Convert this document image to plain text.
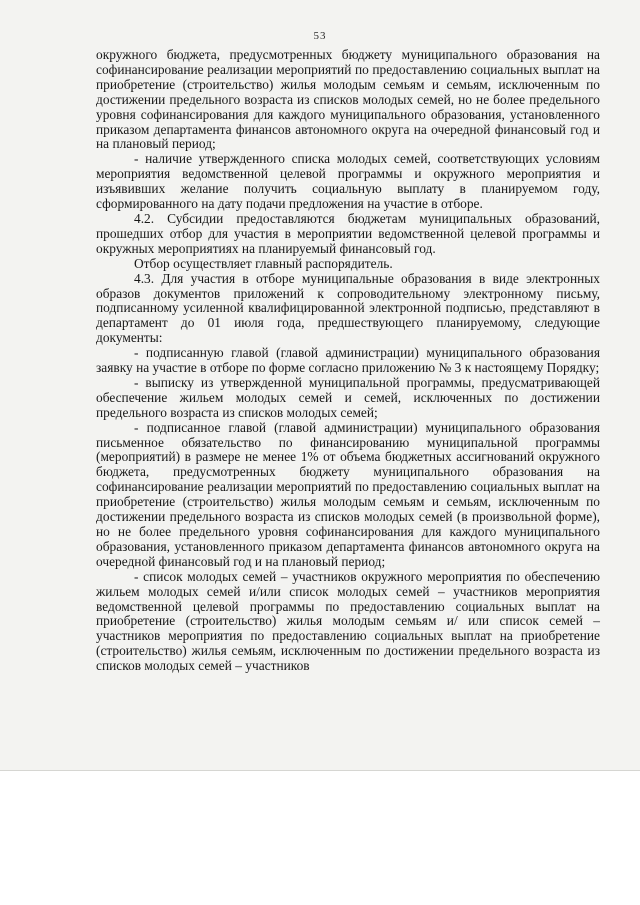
53

окружного бюджета, предусмотренных бюджету муниципального образования на софинансирование реализации мероприятий по предоставлению социальных выплат на приобретение (строительство) жилья молодым семьям и семьям, исключенным по достижении предельного возраста из списков молодых семей, но не более предельного уровня софинансирования для каждого муниципального образования, установленного приказом департамента финансов автономного округа на очередной финансовый год и на плановый период;

- наличие утвержденного списка молодых семей, соответствующих условиям мероприятия ведомственной целевой программы и окружного мероприятия и изъявивших желание получить социальную выплату в планируемом году, сформированного на дату подачи предложения на участие в отборе.

4.2. Субсидии предоставляются бюджетам муниципальных образований, прошедших отбор для участия в мероприятии ведомственной целевой программы и окружных мероприятиях на планируемый финансовый год.

Отбор осуществляет главный распорядитель.

4.3. Для участия в отборе муниципальные образования в виде электронных образов документов приложений к сопроводительному электронному письму, подписанному усиленной квалифицированной электронной подписью, представляют в департамент до 01 июля года, предшествующего планируемому, следующие документы:

- подписанную главой (главой администрации) муниципального образования заявку на участие в отборе по форме согласно приложению № 3 к настоящему Порядку;

- выписку из утвержденной муниципальной программы, предусматривающей обеспечение жильем молодых семей и семей, исключенных по достижении предельного возраста из списков молодых семей;

- подписанное главой (главой администрации) муниципального образования письменное обязательство по финансированию муниципальной программы (мероприятий) в размере не менее 1% от объема бюджетных ассигнований окружного бюджета, предусмотренных бюджету муниципального образования на софинансирование реализации мероприятий по предоставлению социальных выплат на приобретение (строительство) жилья молодым семьям и семьям, исключенным по достижении предельного возраста из списков молодых семей (в произвольной форме), но не более предельного уровня софинансирования для каждого муниципального образования, установленного приказом департамента финансов автономного округа на очередной финансовый год и на плановый период;

- список молодых семей – участников окружного мероприятия по обеспечению жильем молодых семей и/или список молодых семей – участников мероприятия ведомственной целевой программы по предоставлению социальных выплат на приобретение (строительство) жилья молодым семьям и/ или список семей – участников мероприятия по предоставлению социальных выплат на приобретение (строительство) жилья семьям, исключенным по достижении предельного возраста из списков молодых семей – участников
